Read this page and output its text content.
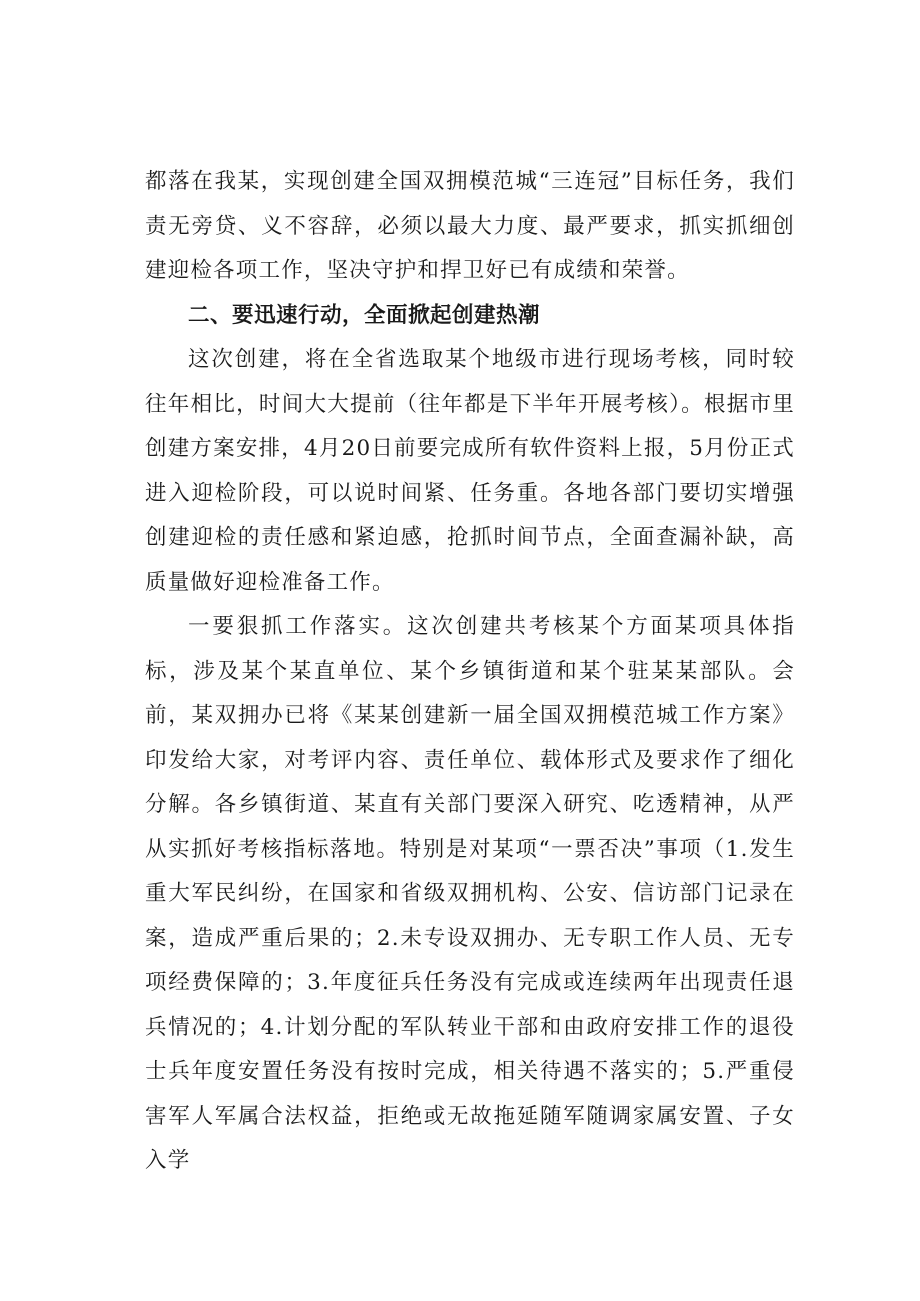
都落在我某，实现创建全国双拥模范城“三连冠”目标任务，我们责无旁贷、义不容辞，必须以最大力度、最严要求，抓实抓细创建迎检各项工作，坚决守护和捍卫好已有成绩和荣誉。

二、要迅速行动，全面掀起创建热潮

这次创建，将在全省选取某个地级市进行现场考核，同时较往年相比，时间大大提前（往年都是下半年开展考核）。根据市里创建方案安排，4月20日前要完成所有软件资料上报，5月份正式进入迎检阶段，可以说时间紧、任务重。各地各部门要切实增强创建迎检的责任感和紧迫感，抢抓时间节点，全面查漏补缺，高质量做好迎检准备工作。

一要狠抓工作落实。这次创建共考核某个方面某项具体指标，涉及某个某直单位、某个乡镇街道和某个驻某某部队。会前，某双拥办已将《某某创建新一届全国双拥模范城工作方案》印发给大家，对考评内容、责任单位、载体形式及要求作了细化分解。各乡镇街道、某直有关部门要深入研究、吃透精神，从严从实抓好考核指标落地。特别是对某项“一票否决”事项（1.发生重大军民纠纷，在国家和省级双拥机构、公安、信访部门记录在案，造成严重后果的；2.未专设双拥办、无专职工作人员、无专项经费保障的；3.年度征兵任务没有完成或连续两年出现责任退兵情况的；4.计划分配的军队转业干部和由政府安排工作的退役士兵年度安置任务没有按时完成，相关待遇不落实的；5.严重侵害军人军属合法权益，拒绝或无故拖延随军随调家属安置、子女入学
